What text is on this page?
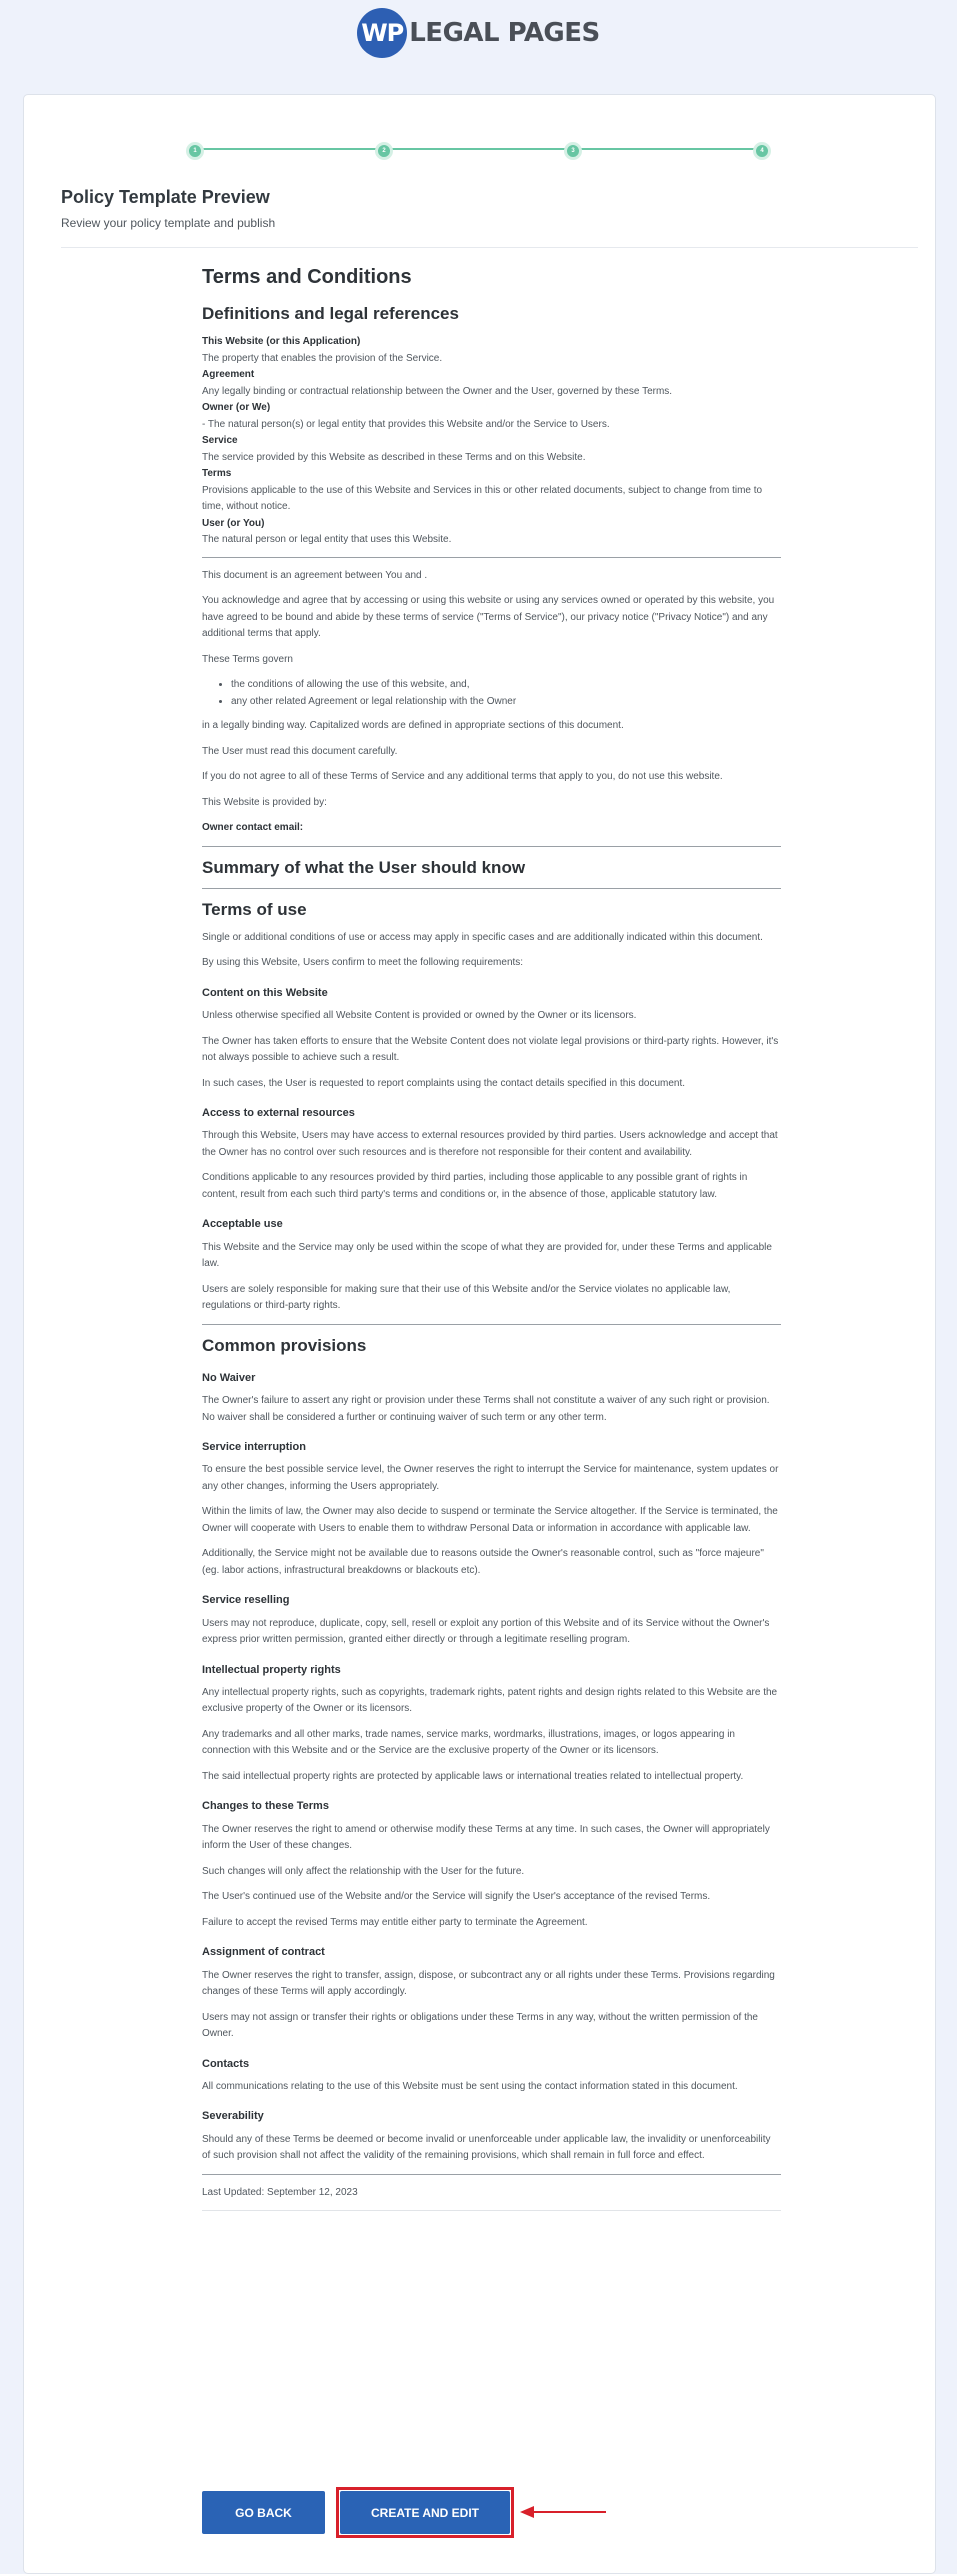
WP LEGAL PAGES
1	2	3	4
Policy Template Preview

Review your policy template and publish

Terms and Conditions
Definitions and legal references
This Website (or this Application)
The property that enables the provision of the Service.
Agreement
Any legally binding or contractual relationship between the Owner and the User, governed by these Terms.
Owner (or We)
- The natural person(s) or legal entity that provides this Website and/or the Service to Users.
Service
The service provided by this Website as described in these Terms and on this Website.
Terms
Provisions applicable to the use of this Website and Services in this or other related documents, subject to change from time to time, without notice.
User (or You)
The natural person or legal entity that uses this Website.

This document is an agreement between You and .

You acknowledge and agree that by accessing or using this website or using any services owned or operated by this website, you have agreed to be bound and abide by these terms of service ("Terms of Service"), our privacy notice ("Privacy Notice") and any additional terms that apply.

These Terms govern

• the conditions of allowing the use of this website, and,
• any other related Agreement or legal relationship with the Owner

in a legally binding way. Capitalized words are defined in appropriate sections of this document.

The User must read this document carefully.

If you do not agree to all of these Terms of Service and any additional terms that apply to you, do not use this website.

This Website is provided by:

Owner contact email:

Summary of what the User should know
Terms of use

Single or additional conditions of use or access may apply in specific cases and are additionally indicated within this document.

By using this Website, Users confirm to meet the following requirements:

Content on this Website

Unless otherwise specified all Website Content is provided or owned by the Owner or its licensors.

The Owner has taken efforts to ensure that the Website Content does not violate legal provisions or third-party rights. However, it's not always possible to achieve such a result.

In such cases, the User is requested to report complaints using the contact details specified in this document.

Access to external resources

Through this Website, Users may have access to external resources provided by third parties. Users acknowledge and accept that the Owner has no control over such resources and is therefore not responsible for their content and availability.

Conditions applicable to any resources provided by third parties, including those applicable to any possible grant of rights in content, result from each such third party's terms and conditions or, in the absence of those, applicable statutory law.

Acceptable use

This Website and the Service may only be used within the scope of what they are provided for, under these Terms and applicable law.

Users are solely responsible for making sure that their use of this Website and/or the Service violates no applicable law, regulations or third-party rights.

Common provisions
No Waiver

The Owner's failure to assert any right or provision under these Terms shall not constitute a waiver of any such right or provision. No waiver shall be considered a further or continuing waiver of such term or any other term.

Service interruption

To ensure the best possible service level, the Owner reserves the right to interrupt the Service for maintenance, system updates or any other changes, informing the Users appropriately.

Within the limits of law, the Owner may also decide to suspend or terminate the Service altogether. If the Service is terminated, the Owner will cooperate with Users to enable them to withdraw Personal Data or information in accordance with applicable law.

Additionally, the Service might not be available due to reasons outside the Owner's reasonable control, such as "force majeure" (eg. labor actions, infrastructural breakdowns or blackouts etc).

Service reselling

Users may not reproduce, duplicate, copy, sell, resell or exploit any portion of this Website and of its Service without the Owner's express prior written permission, granted either directly or through a legitimate reselling program.

Intellectual property rights

Any intellectual property rights, such as copyrights, trademark rights, patent rights and design rights related to this Website are the exclusive property of the Owner or its licensors.

Any trademarks and all other marks, trade names, service marks, wordmarks, illustrations, images, or logos appearing in connection with this Website and or the Service are the exclusive property of the Owner or its licensors.

The said intellectual property rights are protected by applicable laws or international treaties related to intellectual property.

Changes to these Terms

The Owner reserves the right to amend or otherwise modify these Terms at any time. In such cases, the Owner will appropriately inform the User of these changes.

Such changes will only affect the relationship with the User for the future.

The User's continued use of the Website and/or the Service will signify the User's acceptance of the revised Terms.

Failure to accept the revised Terms may entitle either party to terminate the Agreement.

Assignment of contract

The Owner reserves the right to transfer, assign, dispose, or subcontract any or all rights under these Terms. Provisions regarding changes of these Terms will apply accordingly.

Users may not assign or transfer their rights or obligations under these Terms in any way, without the written permission of the Owner.

Contacts

All communications relating to the use of this Website must be sent using the contact information stated in this document.

Severability

Should any of these Terms be deemed or become invalid or unenforceable under applicable law, the invalidity or unenforceability of such provision shall not affect the validity of the remaining provisions, which shall remain in full force and effect.

Last Updated: September 12, 2023

GO BACK	CREATE AND EDIT
